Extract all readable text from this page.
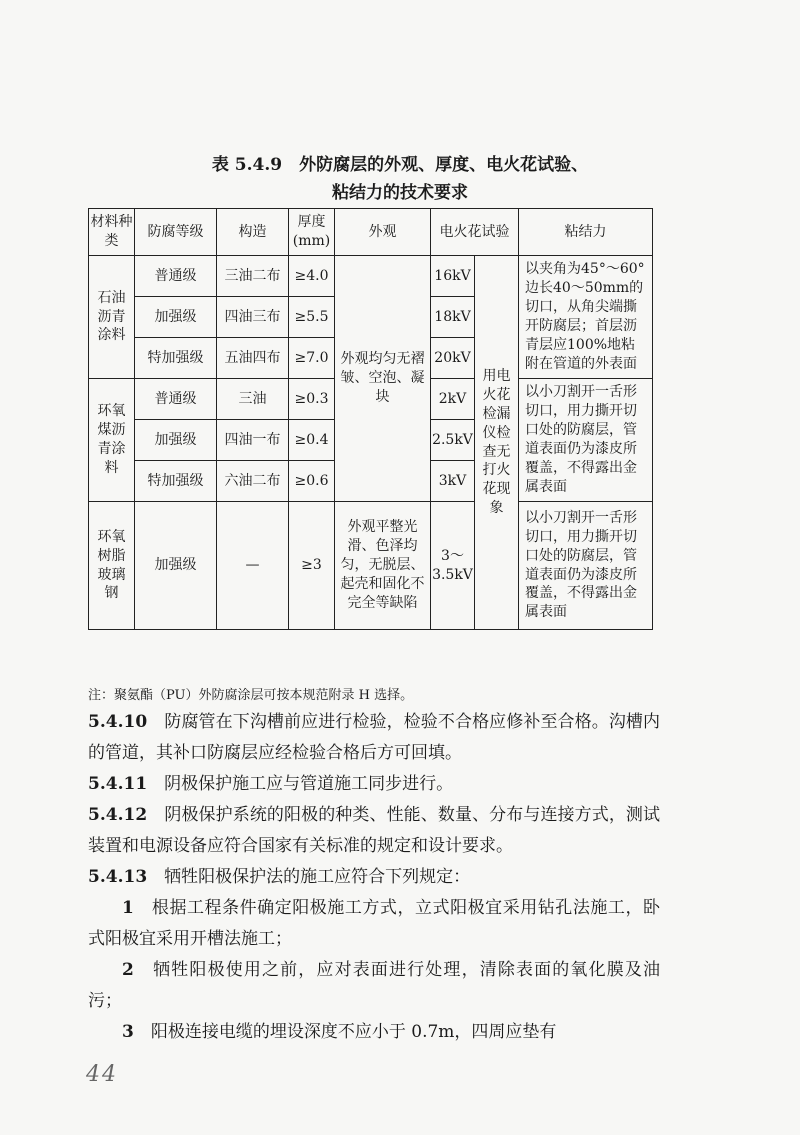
表 5.4.9　外防腐层的外观、厚度、电火花试验、
粘结力的技术要求
材料种类	防腐等级	构造	厚度(mm)	外观	电火花试验		粘结力
石油沥青涂料	普通级	三油二布	≥4.0	外观均匀无褶皱、空泡、凝块	16kV	用电火花检漏仪检查无打火花现象	以夹角为45°～60°边长40～50mm的切口，从角尖端撕开防腐层；首层沥青层应100%地粘附在管道的外表面
	加强级	四油三布	≥5.5		18kV		
	特加强级	五油四布	≥7.0		20kV		
环氧煤沥青涂料	普通级	三油	≥0.3		2kV		以小刀割开一舌形切口，用力撕开切口处的防腐层，管道表面仍为漆皮所覆盖，不得露出金属表面
	加强级	四油一布	≥0.4		2.5kV		
	特加强级	六油二布	≥0.6		3kV		
环氧树脂玻璃钢	加强级	—	≥3	外观平整光滑、色泽均匀，无脱层、起壳和固化不完全等缺陷	3～3.5kV		以小刀割开一舌形切口，用力撕开切口处的防腐层，管道表面仍为漆皮所覆盖，不得露出金属表面
注：聚氨酯（PU）外防腐涂层可按本规范附录 H 选择。
5.4.10　 防腐管在下沟槽前应进行检验，检验不合格应修补至合格。沟槽内的管道，其补口防腐层应经检验合格后方可回填。
5.4.11　 阴极保护施工应与管道施工同步进行。
5.4.12　 阴极保护系统的阳极的种类、性能、数量、分布与连接方式，测试装置和电源设备应符合国家有关标准的规定和设计要求。
5.4.13　 牺牲阳极保护法的施工应符合下列规定：
1　 根据工程条件确定阳极施工方式，立式阳极宜采用钻孔法施工，卧式阳极宜采用开槽法施工；
2　 牺牲阳极使用之前，应对表面进行处理，清除表面的氧化膜及油污；
3　 阳极连接电缆的埋设深度不应小于 0.7m，四周应垫有
44
